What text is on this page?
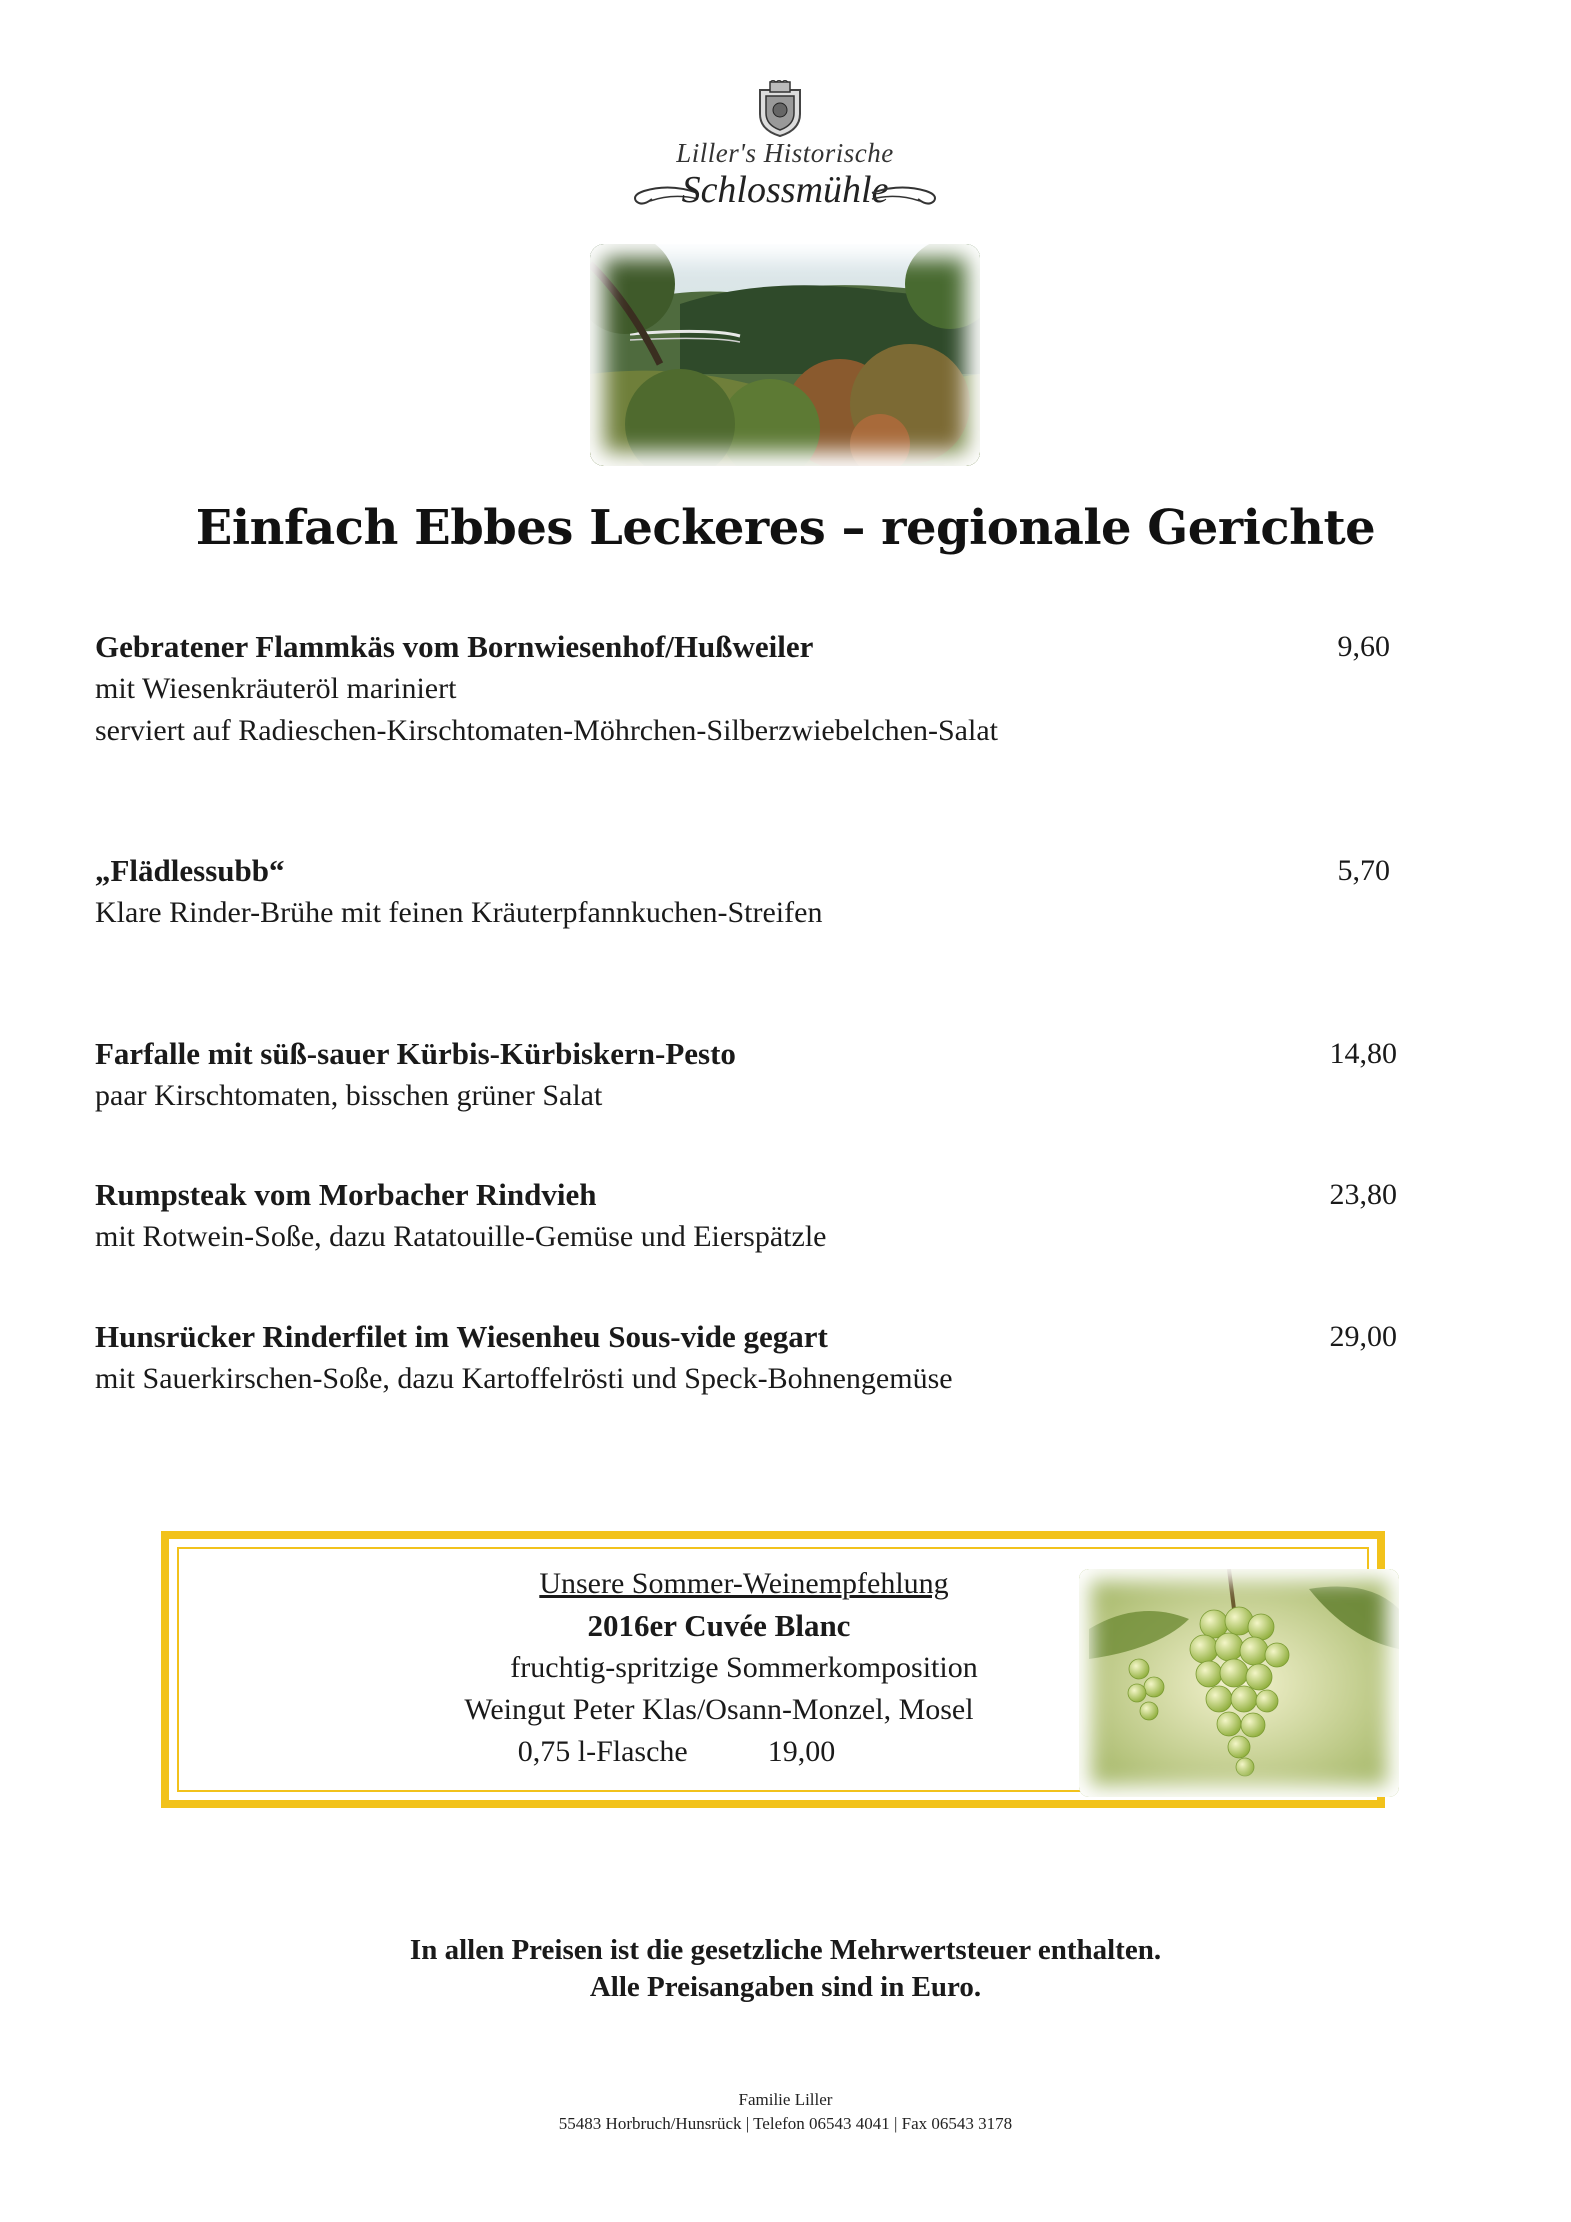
Liller's Historische
Schlossmühle
Einfach Ebbes Leckeres – regionale Gerichte
Gebratener Flammkäs vom Bornwiesenhof/Hußweiler	9,60
mit Wiesenkräuteröl mariniert
serviert auf Radieschen-Kirschtomaten-Möhrchen-Silberzwiebelchen-Salat
„Flädlessubb“	5,70
Klare Rinder-Brühe mit feinen Kräuterpfannkuchen-Streifen
Farfalle mit süß-sauer Kürbis-Kürbiskern-Pesto	14,80
paar Kirschtomaten, bisschen grüner Salat
Rumpsteak vom Morbacher Rindvieh	23,80
mit Rotwein-Soße, dazu Ratatouille-Gemüse und Eierspätzle
Hunsrücker Rinderfilet im Wiesenheu Sous-vide gegart	29,00
mit Sauerkirschen-Soße, dazu Kartoffelrösti und Speck-Bohnengemüse
Unsere Sommer-Weinempfehlung
2016er Cuvée Blanc
fruchtig-spritzige Sommerkomposition
Weingut Peter Klas/Osann-Monzel, Mosel
0,75 l-Flasche	19,00
In allen Preisen ist die gesetzliche Mehrwertsteuer enthalten.
Alle Preisangaben sind in Euro.
Familie Liller
55483 Horbruch/Hunsrück | Telefon 06543 4041 | Fax 06543 3178
